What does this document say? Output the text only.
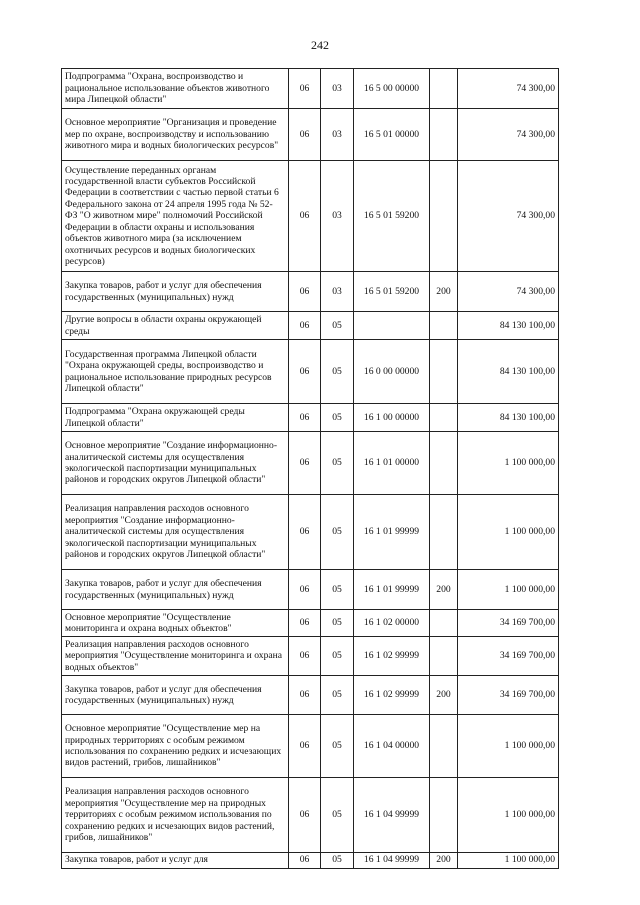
242
Подпрограмма "Охрана, воспроизводство и рациональное использование объектов животного мира Липецкой области"	06	03	16 5 00 00000		74 300,00
Основное мероприятие "Организация и проведение мер по охране, воспроизводству и использованию животного мира и водных биологических ресурсов"	06	03	16 5 01 00000		74 300,00
Осуществление переданных органам государственной власти субъектов Российской Федерации в соответствии с частью первой статьи 6 Федерального закона от 24 апреля 1995 года № 52-ФЗ "О животном мире" полномочий Российской Федерации в области охраны и использования объектов животного мира (за исключением охотничьих ресурсов и водных биологических ресурсов)	06	03	16 5 01 59200		74 300,00
Закупка товаров, работ и услуг для обеспечения государственных (муниципальных) нужд	06	03	16 5 01 59200	200	74 300,00
Другие вопросы в области охраны окружающей среды	06	05			84 130 100,00
Государственная программа Липецкой области "Охрана окружающей среды, воспроизводство и рациональное использование природных ресурсов Липецкой области"	06	05	16 0 00 00000		84 130 100,00
Подпрограмма "Охрана окружающей среды Липецкой области"	06	05	16 1 00 00000		84 130 100,00
Основное мероприятие "Создание информационно-аналитической системы для осуществления экологической паспортизации муниципальных районов и городских округов Липецкой области"	06	05	16 1 01 00000		1 100 000,00
Реализация направления расходов основного мероприятия "Создание информационно-аналитической системы для осуществления экологической паспортизации муниципальных районов и городских округов Липецкой области"	06	05	16 1 01 99999		1 100 000,00
Закупка товаров, работ и услуг для обеспечения государственных (муниципальных) нужд	06	05	16 1 01 99999	200	1 100 000,00
Основное мероприятие "Осуществление мониторинга и охрана водных объектов"	06	05	16 1 02 00000		34 169 700,00
Реализация направления расходов основного мероприятия "Осуществление мониторинга и охрана водных объектов"	06	05	16 1 02 99999		34 169 700,00
Закупка товаров, работ и услуг для обеспечения государственных (муниципальных) нужд	06	05	16 1 02 99999	200	34 169 700,00
Основное мероприятие "Осуществление мер на природных территориях с особым режимом использования по сохранению редких и исчезающих видов растений, грибов, лишайников"	06	05	16 1 04 00000		1 100 000,00
Реализация направления расходов основного мероприятия "Осуществление мер на природных территориях с особым режимом использования по сохранению редких и исчезающих видов растений, грибов, лишайников"	06	05	16 1 04 99999		1 100 000,00
Закупка товаров, работ и услуг для	06	05	16 1 04 99999	200	1 100 000,00
